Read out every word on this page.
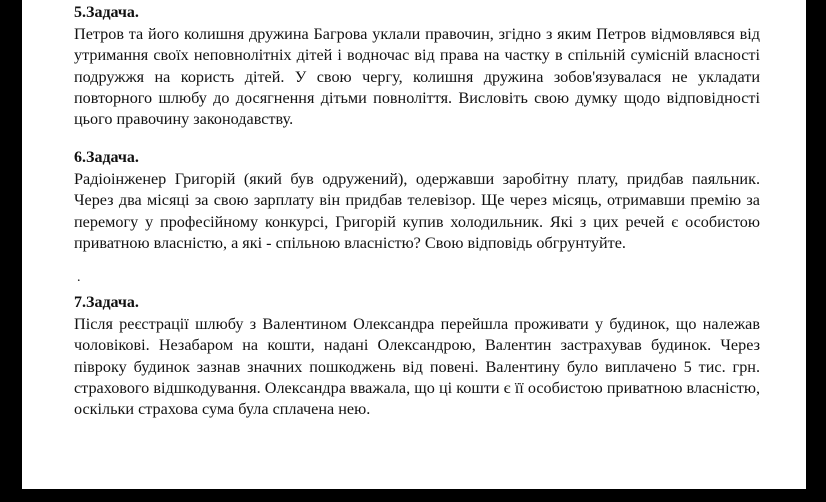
5.Задача.

Петров та його колишня дружина Багрова уклали правочин, згідно з яким Петров відмовлявся від утримання своїх неповнолітніх дітей і водночас від права на частку в спільній сумісній власності подружжя на користь дітей. У свою чергу, колишня дружина зобов'язувалася не укладати повторного шлюбу до досягнення дітьми повноліття. Висловіть свою думку щодо відповідності цього правочину законодавству.

6.Задача.

Радіоінженер Григорій (який був одружений), одержавши заробітну плату, придбав паяльник. Через два місяці за свою зарплату він придбав телевізор. Ще через місяць, отримавши премію за перемогу у професійному конкурсі, Григорій купив холодильник. Які з цих речей є особистою приватною власністю, а які - спільною власністю? Свою відповідь обгрунтуйте.

.

7.Задача.

Після реєстрації шлюбу з Валентином Олександра перейшла проживати у будинок, що належав чоловікові. Незабаром на кошти, надані Олександрою, Валентин застрахував будинок. Через півроку будинок зазнав значних пошкоджень від повені. Валентину було виплачено 5 тис. грн. страхового відшкодування. Олександра вважала, що ці кошти є її особистою приватною власністю, оскільки страхова сума була сплачена нею.
